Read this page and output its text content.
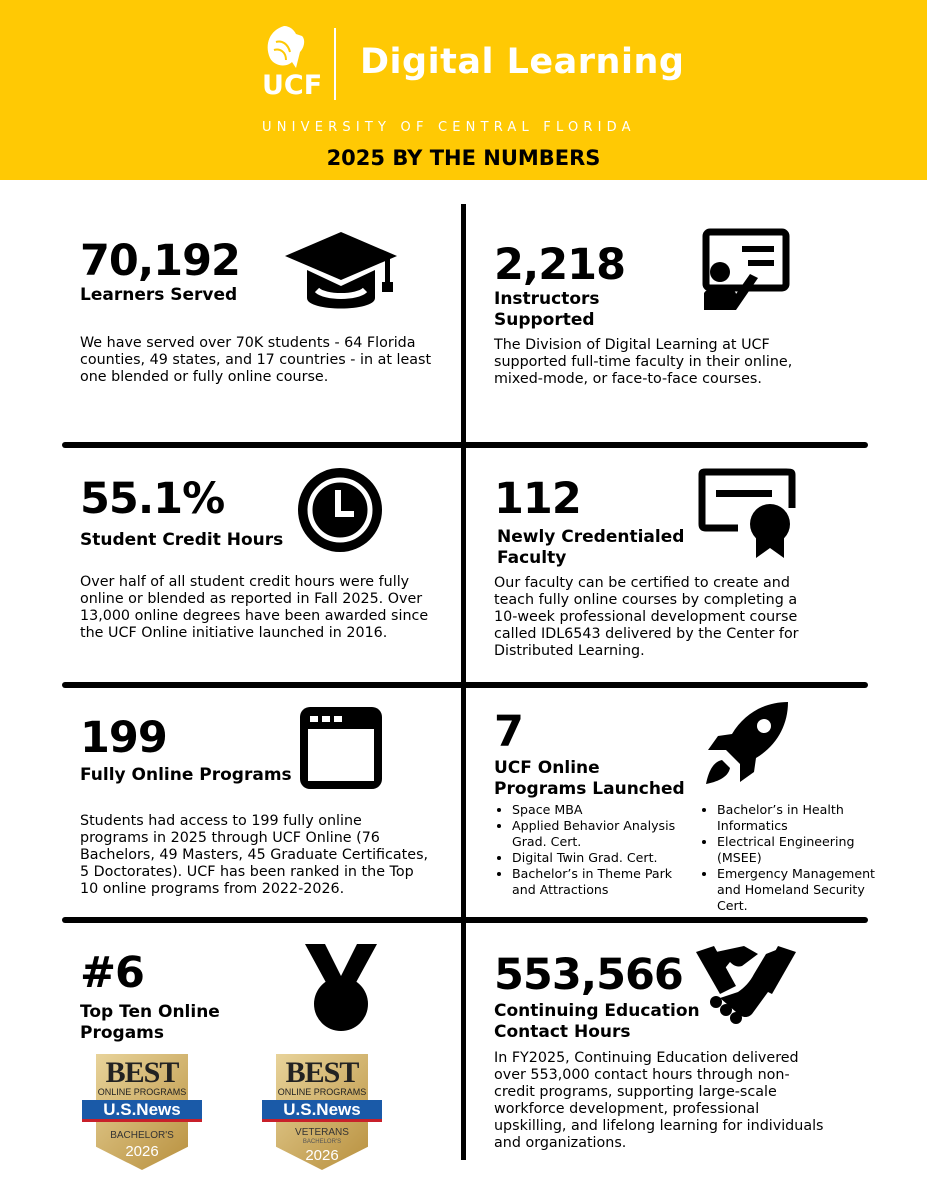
UCF
Digital Learning
UNIVERSITY OF CENTRAL FLORIDA
2025 BY THE NUMBERS
70,192
Learners Served
We have served over 70K students - 64 Florida counties, 49 states, and 17 countries - in at least one blended or fully online course.
2,218
Instructors Supported
The Division of Digital Learning at UCF supported full-time faculty in their online, mixed-mode, or face-to-face courses.
55.1%
Student Credit Hours
Over half of all student credit hours were fully online or blended as reported in Fall 2025. Over 13,000 online degrees have been awarded since the UCF Online initiative launched in 2016.
112
Newly Credentialed Faculty
Our faculty can be certified to create and teach fully online courses by completing a 10-week professional development course called IDL6543 delivered by the Center for Distributed Learning.
199
Fully Online Programs
Students had access to 199 fully online programs in 2025 through UCF Online (76 Bachelors, 49 Masters, 45 Graduate Certificates, 5 Doctorates). UCF has been ranked in the Top 10 online programs from 2022-2026.
7
UCF Online Programs Launched
• Space MBA
• Applied Behavior Analysis Grad. Cert.
• Digital Twin Grad. Cert.
• Bachelor’s in Theme Park and Attractions
• Bachelor’s in Health Informatics
• Electrical Engineering (MSEE)
• Emergency Management and Homeland Security Cert.
#6
Top Ten Online Progams
BEST
ONLINE PROGRAMS
U.S.News
BACHELOR'S
2026
BEST
ONLINE PROGRAMS
U.S.News
VETERANS
BACHELOR'S
2026
553,566
Continuing Education Contact Hours
In FY2025, Continuing Education delivered over 553,000 contact hours through non-credit programs, supporting large-scale workforce development, professional upskilling, and lifelong learning for individuals and organizations.
